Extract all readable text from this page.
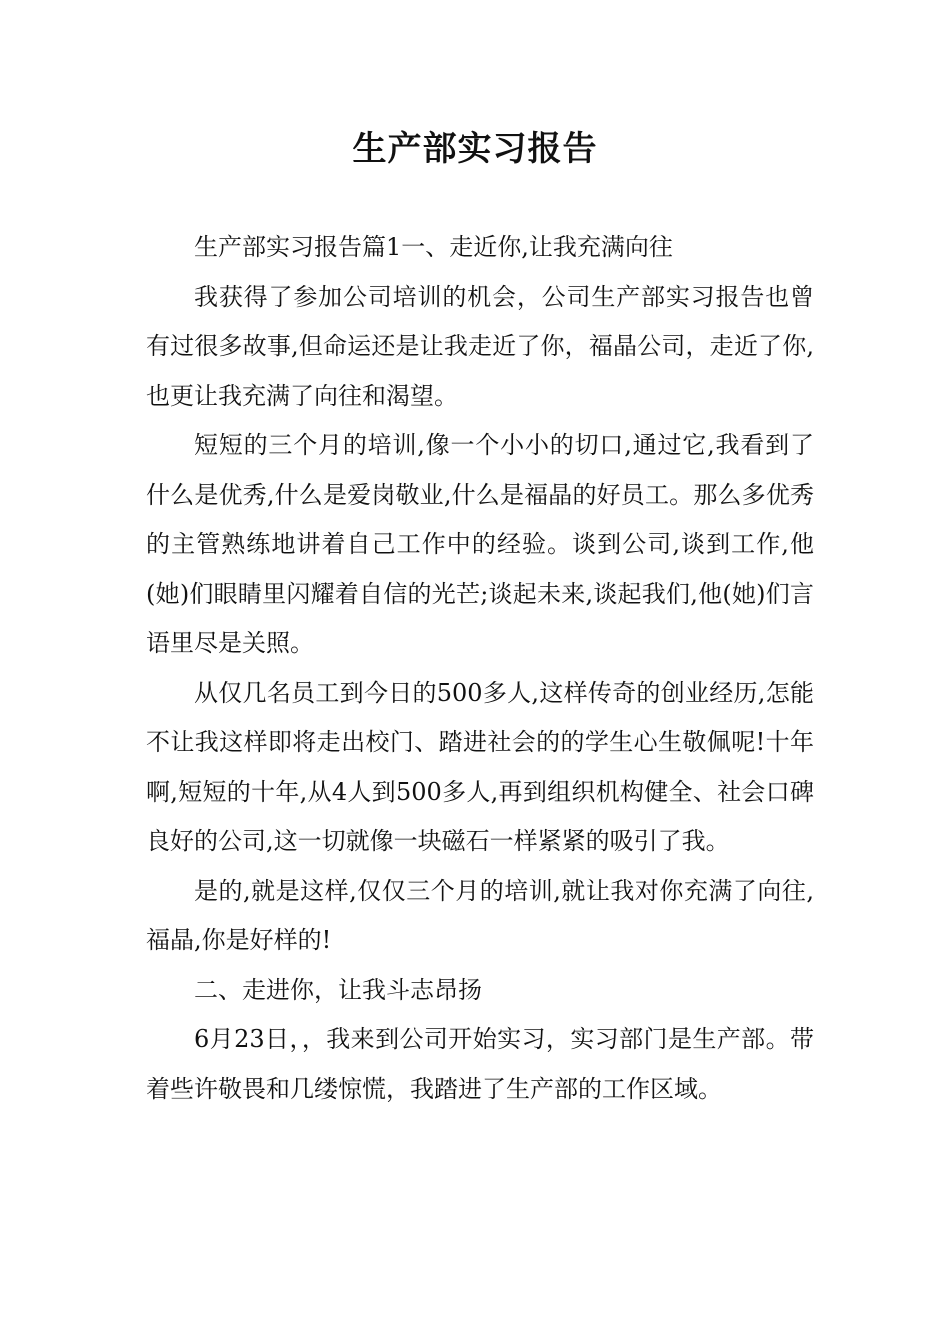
生产部实习报告

生产部实习报告篇1一、走近你,让我充满向往

我获得了参加公司培训的机会，公司生产部实习报告也曾有过很多故事,但命运还是让我走近了你，福晶公司，走近了你,也更让我充满了向往和渴望。

短短的三个月的培训,像一个小小的切口,通过它,我看到了什么是优秀,什么是爱岗敬业,什么是福晶的好员工。那么多优秀的主管熟练地讲着自己工作中的经验。谈到公司,谈到工作,他(她)们眼睛里闪耀着自信的光芒;谈起未来,谈起我们,他(她)们言语里尽是关照。

从仅几名员工到今日的500多人,这样传奇的创业经历,怎能不让我这样即将走出校门、踏进社会的的学生心生敬佩呢!十年啊,短短的十年,从4人到500多人,再到组织机构健全、社会口碑良好的公司,这一切就像一块磁石一样紧紧的吸引了我。

是的,就是这样,仅仅三个月的培训,就让我对你充满了向往,福晶,你是好样的!

二、走进你，让我斗志昂扬

6月23日，，我来到公司开始实习，实习部门是生产部。带着些许敬畏和几缕惊慌，我踏进了生产部的工作区域。
